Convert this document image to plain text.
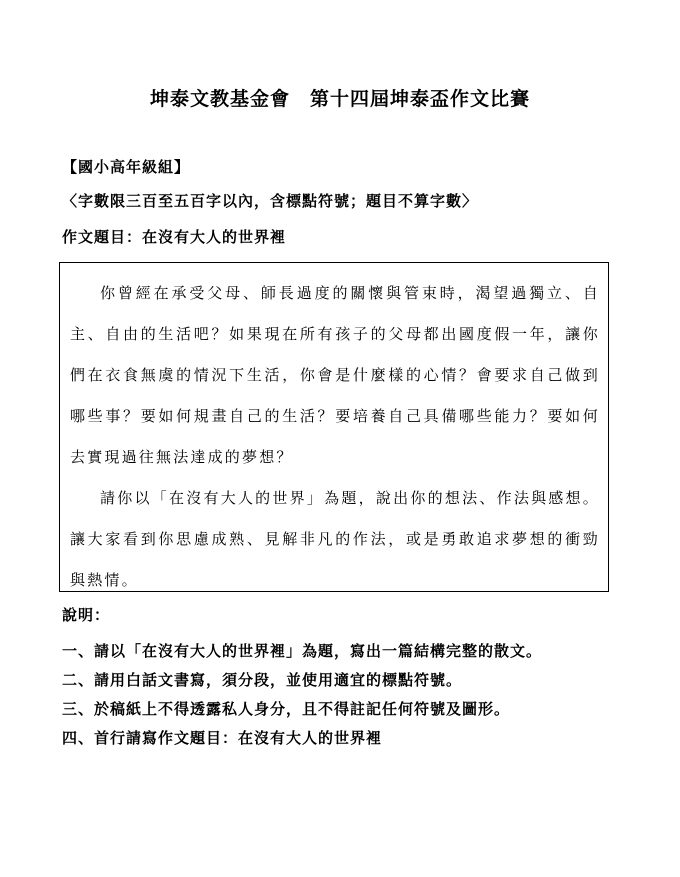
坤泰文教基金會　第十四屆坤泰盃作文比賽
【國小高年級組】
〈字數限三百至五百字以內，含標點符號；題目不算字數〉
作文題目：在沒有大人的世界裡

你曾經在承受父母、師長過度的關懷與管束時，渴望過獨立、自主、自由的生活吧？如果現在所有孩子的父母都出國度假一年，讓你們在衣食無虞的情況下生活，你會是什麼樣的心情？會要求自己做到哪些事？要如何規畫自己的生活？要培養自己具備哪些能力？要如何去實現過往無法達成的夢想？

請你以「在沒有大人的世界」為題，說出你的想法、作法與感想。讓大家看到你思慮成熟、見解非凡的作法，或是勇敢追求夢想的衝勁與熱情。

說明：
一、請以「在沒有大人的世界裡」為題，寫出一篇結構完整的散文。
二、請用白話文書寫，須分段，並使用適宜的標點符號。
三、於稿紙上不得透露私人身分，且不得註記任何符號及圖形。
四、首行請寫作文題目：在沒有大人的世界裡
